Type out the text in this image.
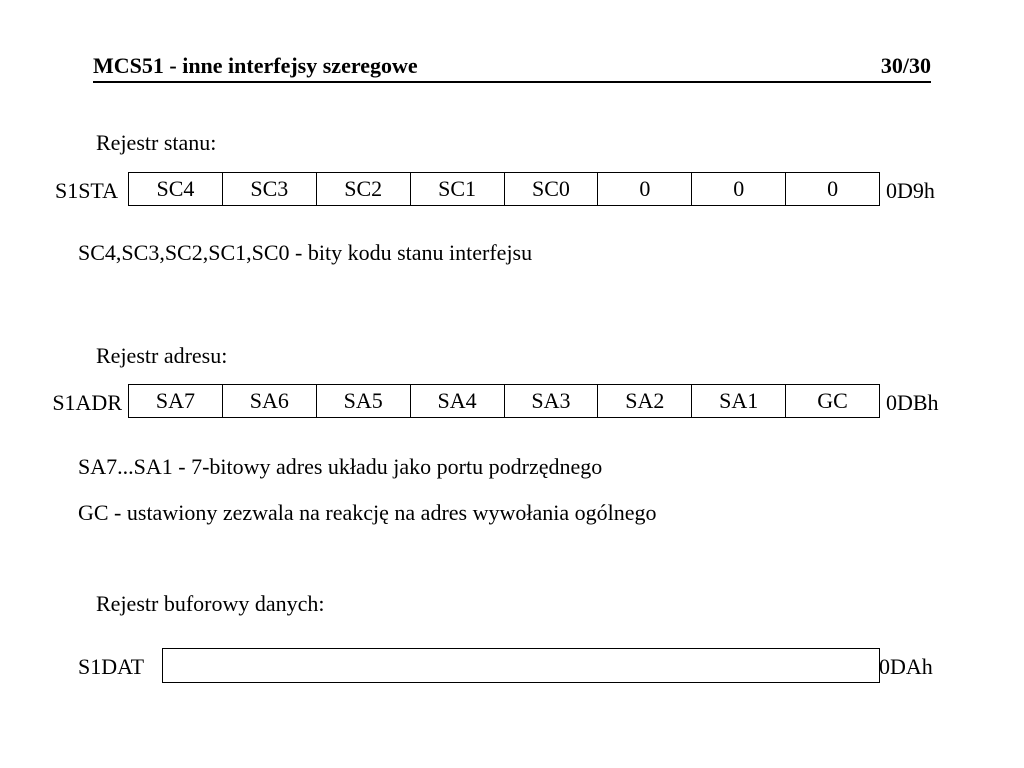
MCS51 - inne interfejsy szeregowe	30/30
Rejestr stanu:
S1STA SC4	SC3	SC2	SC1	SC0	0	0	0 0D9h
SC4,SC3,SC2,SC1,SC0 - bity kodu stanu interfejsu
Rejestr adresu:
S1ADR SA7	SA6	SA5	SA4	SA3	SA2	SA1	GC 0DBh
SA7...SA1 - 7-bitowy adres układu jako portu podrzędnego
GC - ustawiony zezwala na reakcję na adres wywołania ogólnego
Rejestr buforowy danych:
S1DAT	0DAh
